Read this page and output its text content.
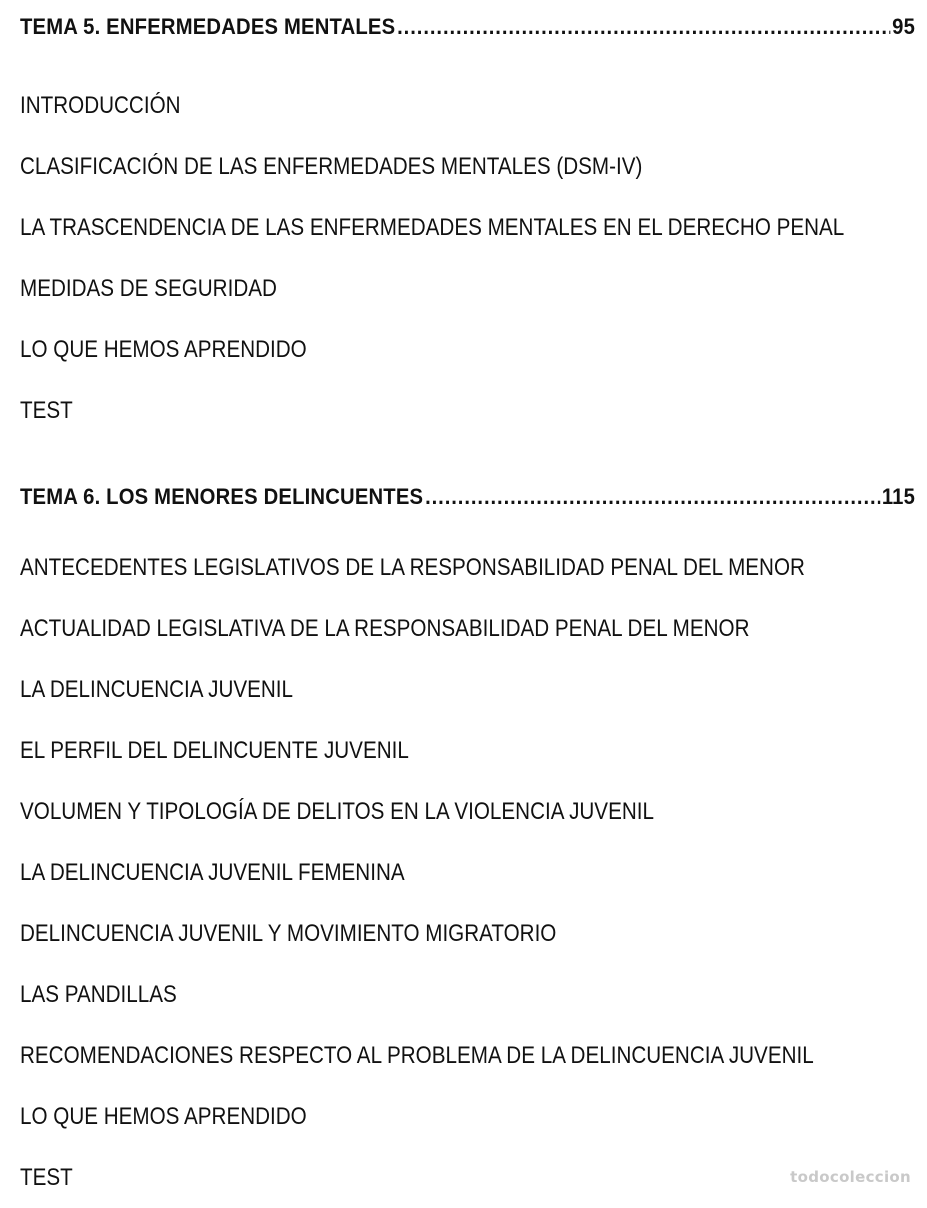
TEMA 5. ENFERMEDADES MENTALES .....	95
INTRODUCCIÓN
CLASIFICACIÓN DE LAS ENFERMEDADES MENTALES (DSM-IV)
LA TRASCENDENCIA DE LAS ENFERMEDADES MENTALES EN EL DERECHO PENAL
MEDIDAS DE SEGURIDAD
LO QUE HEMOS APRENDIDO
TEST
TEMA 6. LOS MENORES DELINCUENTES .....	115
ANTECEDENTES LEGISLATIVOS DE LA RESPONSABILIDAD PENAL DEL MENOR
ACTUALIDAD LEGISLATIVA DE LA RESPONSABILIDAD PENAL DEL MENOR
LA DELINCUENCIA JUVENIL
EL PERFIL DEL DELINCUENTE JUVENIL
VOLUMEN Y TIPOLOGÍA DE DELITOS EN LA VIOLENCIA JUVENIL
LA DELINCUENCIA JUVENIL FEMENINA
DELINCUENCIA JUVENIL Y MOVIMIENTO MIGRATORIO
LAS PANDILLAS
RECOMENDACIONES RESPECTO AL PROBLEMA DE LA DELINCUENCIA JUVENIL
LO QUE HEMOS APRENDIDO
TEST	todocoleccion
